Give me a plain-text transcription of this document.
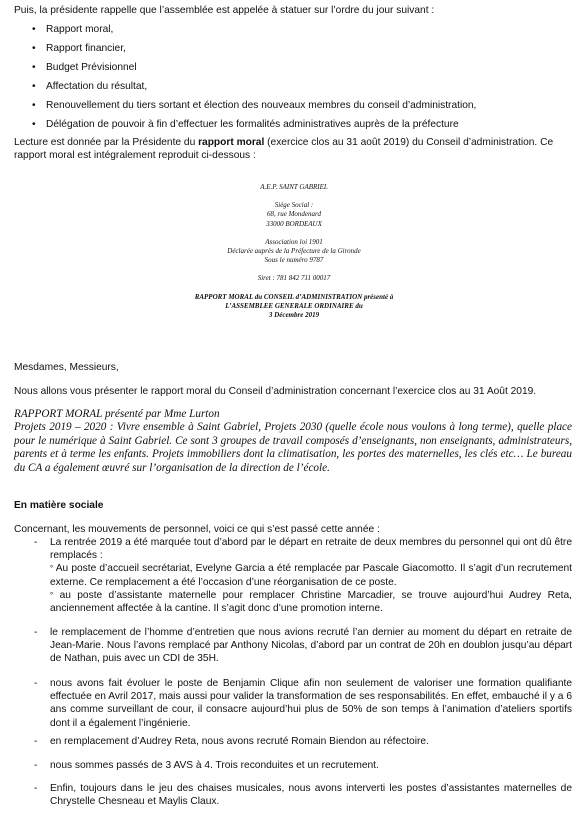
Puis, la présidente rappelle que l’assemblée est appelée à statuer sur l’ordre du jour suivant :

• Rapport moral,
• Rapport financier,
• Budget Prévisionnel
• Affectation du résultat,
• Renouvellement du tiers sortant et élection des nouveaux membres du conseil d’administration,
• Délégation de pouvoir à fin d’effectuer les formalités administratives auprès de la préfecture

Lecture est donnée par la Présidente du rapport moral (exercice clos au 31 août 2019) du Conseil d’administration. Ce rapport moral est intégralement reproduit ci-dessous :

A.E.P. SAINT GABRIEL
Siège Social :
68, rue Mondenard
33000 BORDEAUX
Association loi 1901
Déclarée auprès de la Préfecture de la Gironde
Sous le numéro 9787
Siret : 781 842 711 00017
RAPPORT MORAL du CONSEIL d’ADMINISTRATION présenté à
L’ASSEMBLEE GENERALE ORDINAIRE du
3 Décembre 2019
Mesdames, Messieurs,
Nous allons vous présenter le rapport moral du Conseil d’administration concernant l’exercice clos au 31 Août 2019.
RAPPORT MORAL présenté par Mme Lurton
Projets 2019 – 2020 : Vivre ensemble à Saint Gabriel, Projets 2030 (quelle école nous voulons à long terme), quelle place pour le numérique à Saint Gabriel. Ce sont 3 groupes de travail composés d’enseignants, non enseignants, administrateurs, parents et à terme les enfants. Projets immobiliers dont la climatisation, les portes des maternelles, les clés etc… Le bureau du CA a également œuvré sur l’organisation de la direction de l’école.
En matière sociale
Concernant, les mouvements de personnel, voici ce qui s’est passé cette année :
- La rentrée 2019 a été marquée tout d’abord par le départ en retraite de deux membres du personnel qui ont dû être remplacés :
° Au poste d’accueil secrétariat, Evelyne Garcia a été remplacée par Pascale Giacomotto. Il s’agit d’un recrutement externe. Ce remplacement a été l’occasion d’une réorganisation de ce poste.
° au poste d’assistante maternelle pour remplacer Christine Marcadier, se trouve aujourd’hui Audrey Reta, anciennement affectée à la cantine. Il s’agit donc d’une promotion interne.
- le remplacement de l’homme d’entretien que nous avions recruté l’an dernier au moment du départ en retraite de Jean-Marie. Nous l’avons remplacé par Anthony Nicolas, d’abord par un contrat de 20h en doublon jusqu’au départ de Nathan, puis avec un CDI de 35H.
- nous avons fait évoluer le poste de Benjamin Clique afin non seulement de valoriser une formation qualifiante effectuée en Avril 2017, mais aussi pour valider la transformation de ses responsabilités. En effet, embauché il y a 6 ans comme surveillant de cour, il consacre aujourd’hui plus de 50% de son temps à l’animation d’ateliers sportifs dont il a également l’ingénierie.
- en remplacement d’Audrey Reta, nous avons recruté Romain Biendon au réfectoire.
- nous sommes passés de 3 AVS à 4. Trois reconduites et un recrutement.
- Enfin, toujours dans le jeu des chaises musicales, nous avons interverti les postes d’assistantes maternelles de Chrystelle Chesneau et Maylis Claux.
